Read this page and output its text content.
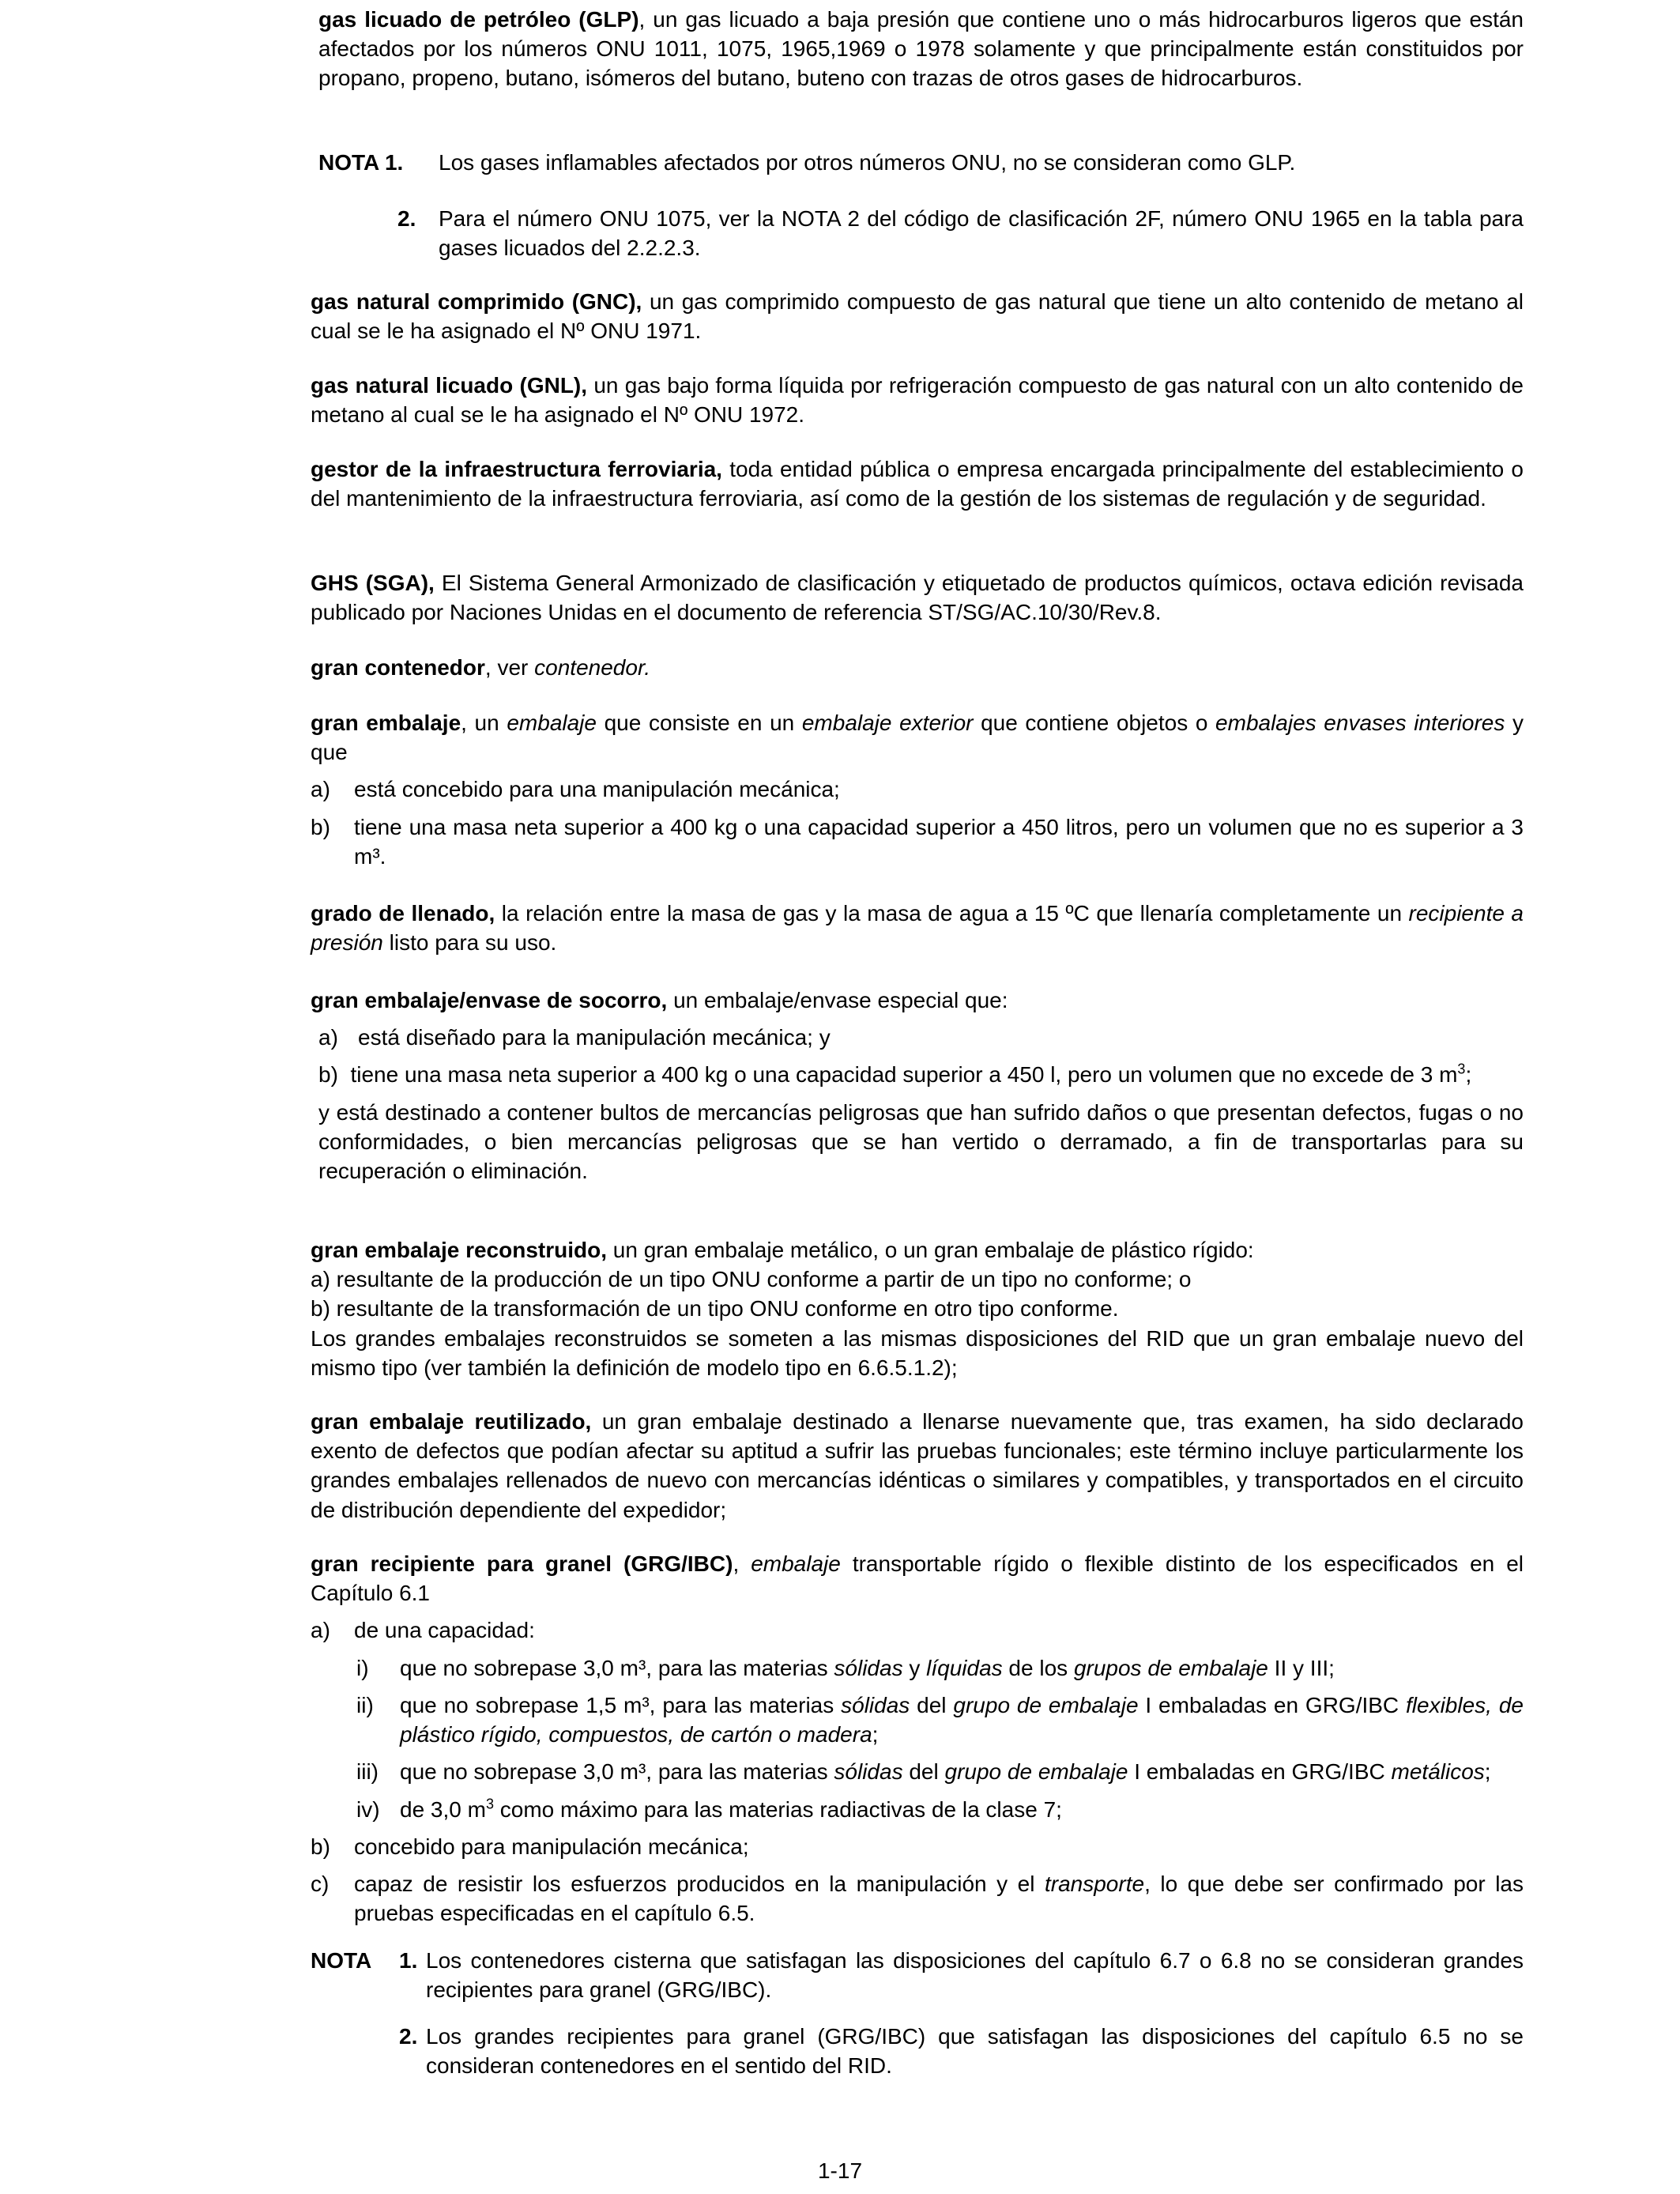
gas licuado de petróleo (GLP), un gas licuado a baja presión que contiene uno o más hidrocarburos ligeros que están afectados por los números ONU 1011, 1075, 1965,1969 o 1978 solamente y que principalmente están constituidos por propano, propeno, butano, isómeros del butano, buteno con trazas de otros gases de hidrocarburos.

NOTA 1.	Los gases inflamables afectados por otros números ONU, no se consideran como GLP.
2.	Para el número ONU 1075, ver la NOTA 2 del código de clasificación 2F, número ONU 1965 en la tabla para gases licuados del 2.2.2.3.

gas natural comprimido (GNC), un gas comprimido compuesto de gas natural que tiene un alto contenido de metano al cual se le ha asignado el Nº ONU 1971.

gas natural licuado (GNL), un gas bajo forma líquida por refrigeración compuesto de gas natural con un alto contenido de metano al cual se le ha asignado el Nº ONU 1972.

gestor de la infraestructura ferroviaria, toda entidad pública o empresa encargada principalmente del establecimiento o del mantenimiento de la infraestructura ferroviaria, así como de la gestión de los sistemas de regulación y de seguridad.

GHS (SGA), El Sistema General Armonizado de clasificación y etiquetado de productos químicos, octava edición revisada publicado por Naciones Unidas en el documento de referencia ST/SG/AC.10/30/Rev.8.

gran contenedor, ver contenedor.

gran embalaje, un embalaje que consiste en un embalaje exterior que contiene objetos o embalajes envases interiores y que

a)	está concebido para una manipulación mecánica;
b)	tiene una masa neta superior a 400 kg o una capacidad superior a 450 litros, pero un volumen que no es superior a 3 m³.

grado de llenado, la relación entre la masa de gas y la masa de agua a 15 ºC que llenaría completamente un recipiente a presión listo para su uso.

gran embalaje/envase de socorro, un embalaje/envase especial que:

a) está diseñado para la manipulación mecánica; y
b) tiene una masa neta superior a 400 kg o una capacidad superior a 450 l, pero un volumen que no excede de 3 $m^3$;

y está destinado a contener bultos de mercancías peligrosas que han sufrido daños o que presentan defectos, fugas o no conformidades, o bien mercancías peligrosas que se han vertido o derramado, a fin de transportarlas para su recuperación o eliminación.

gran embalaje reconstruido, un gran embalaje metálico, o un gran embalaje de plástico rígido:

a) resultante de la producción de un tipo ONU conforme a partir de un tipo no conforme; o

b) resultante de la transformación de un tipo ONU conforme en otro tipo conforme.

Los grandes embalajes reconstruidos se someten a las mismas disposiciones del RID que un gran embalaje nuevo del mismo tipo (ver también la definición de modelo tipo en 6.6.5.1.2);

gran embalaje reutilizado, un gran embalaje destinado a llenarse nuevamente que, tras examen, ha sido declarado exento de defectos que podían afectar su aptitud a sufrir las pruebas funcionales; este término incluye particularmente los grandes embalajes rellenados de nuevo con mercancías idénticas o similares y compatibles, y transportados en el circuito de distribución dependiente del expedidor;

gran recipiente para granel (GRG/IBC), embalaje transportable rígido o flexible distinto de los especificados en el Capítulo 6.1

a)	de una capacidad:
i)	que no sobrepase 3,0 m³, para las materias sólidas y líquidas de los grupos de embalaje II y III;
ii)	que no sobrepase 1,5 m³, para las materias sólidas del grupo de embalaje I embaladas en GRG/IBC flexibles, de plástico rígido, compuestos, de cartón o madera;
iii) que no sobrepase 3,0 m³, para las materias sólidas del grupo de embalaje I embaladas en GRG/IBC metálicos;
iv) de 3,0 $m^3$ como máximo para las materias radiactivas de la clase 7;
b)	concebido para manipulación mecánica;
c)	capaz de resistir los esfuerzos producidos en la manipulación y el transporte, lo que debe ser confirmado por las pruebas especificadas en el capítulo 6.5.
NOTA	1. Los contenedores cisterna que satisfagan las disposiciones del capítulo 6.7 o 6.8 no se consideran grandes recipientes para granel (GRG/IBC).
2. Los grandes recipientes para granel (GRG/IBC) que satisfagan las disposiciones del capítulo 6.5 no se consideran contenedores en el sentido del RID.
1-17
